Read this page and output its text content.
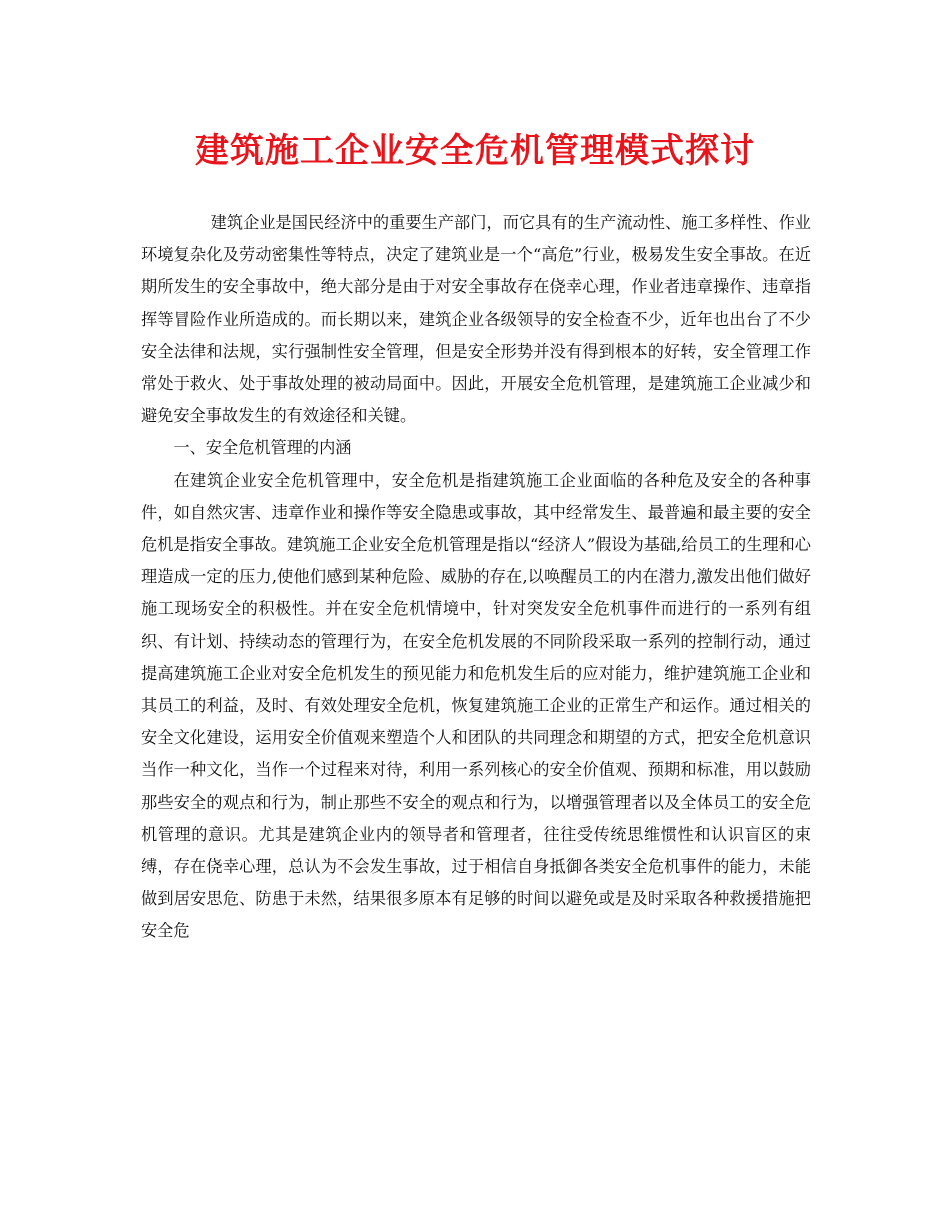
建筑施工企业安全危机管理模式探讨

建筑企业是国民经济中的重要生产部门，而它具有的生产流动性、施工多样性、作业环境复杂化及劳动密集性等特点，决定了建筑业是一个“高危”行业，极易发生安全事故。在近期所发生的安全事故中，绝大部分是由于对安全事故存在侥幸心理，作业者违章操作、违章指挥等冒险作业所造成的。而长期以来，建筑企业各级领导的安全检查不少，近年也出台了不少安全法律和法规，实行强制性安全管理，但是安全形势并没有得到根本的好转，安全管理工作常处于救火、处于事故处理的被动局面中。因此，开展安全危机管理，是建筑施工企业减少和避免安全事故发生的有效途径和关键。

一、安全危机管理的内涵

在建筑企业安全危机管理中，安全危机是指建筑施工企业面临的各种危及安全的各种事件，如自然灾害、违章作业和操作等安全隐患或事故，其中经常发生、最普遍和最主要的安全危机是指安全事故。建筑施工企业安全危机管理是指以“经济人”假设为基础,给员工的生理和心理造成一定的压力,使他们感到某种危险、威胁的存在,以唤醒员工的内在潜力,激发出他们做好施工现场安全的积极性。并在安全危机情境中，针对突发安全危机事件而进行的一系列有组织、有计划、持续动态的管理行为，在安全危机发展的不同阶段采取一系列的控制行动，通过提高建筑施工企业对安全危机发生的预见能力和危机发生后的应对能力，维护建筑施工企业和其员工的利益，及时、有效处理安全危机，恢复建筑施工企业的正常生产和运作。通过相关的安全文化建设，运用安全价值观来塑造个人和团队的共同理念和期望的方式，把安全危机意识当作一种文化，当作一个过程来对待，利用一系列核心的安全价值观、预期和标准，用以鼓励那些安全的观点和行为，制止那些不安全的观点和行为，以增强管理者以及全体员工的安全危机管理的意识。尤其是建筑企业内的领导者和管理者，往往受传统思维惯性和认识盲区的束缚，存在侥幸心理，总认为不会发生事故，过于相信自身抵御各类安全危机事件的能力，未能做到居安思危、防患于未然，结果很多原本有足够的时间以避免或是及时采取各种救援措施把安全危
